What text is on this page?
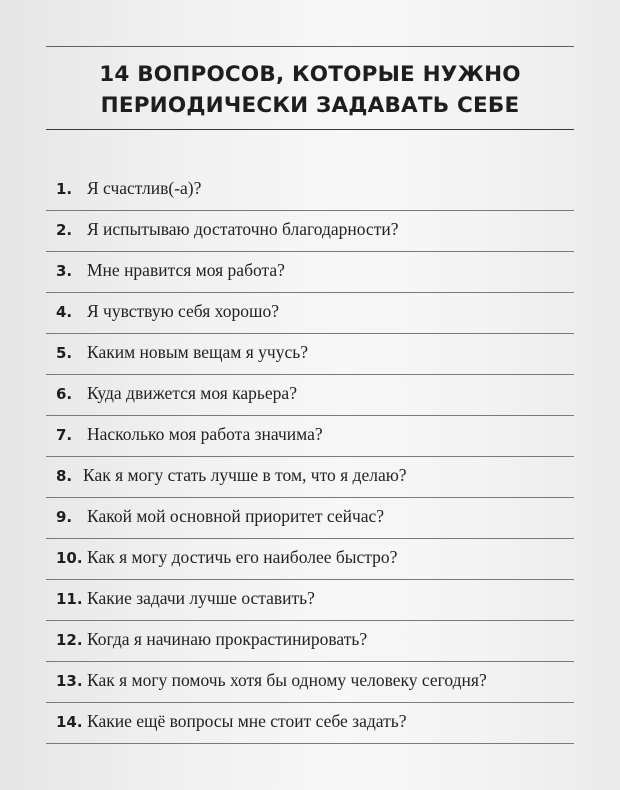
14 ВОПРОСОВ, КОТОРЫЕ НУЖНО
ПЕРИОДИЧЕСКИ ЗАДАВАТЬ СЕБЕ
1. Я счастлив(-а)?
2. Я испытываю достаточно благодарности?
3. Мне нравится моя работа?
4. Я чувствую себя хорошо?
5. Каким новым вещам я учусь?
6. Куда движется моя карьера?
7. Насколько моя работа значима?
8. Как я могу стать лучше в том, что я делаю?
9. Какой мой основной приоритет сейчас?
10. Как я могу достичь его наиболее быстро?
11. Какие задачи лучше оставить?
12. Когда я начинаю прокрастинировать?
13. Как я могу помочь хотя бы одному человеку сегодня?
14. Какие ещё вопросы мне стоит себе задать?
